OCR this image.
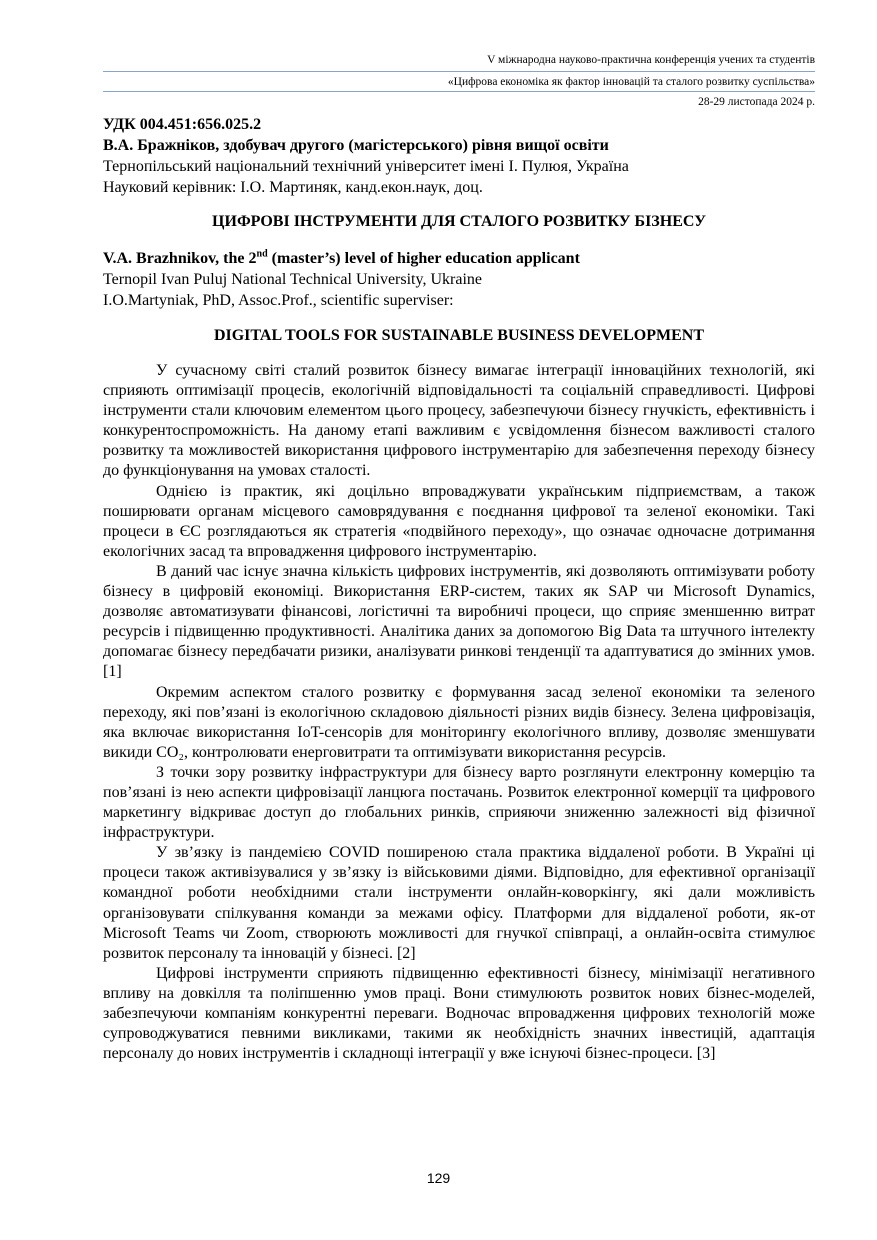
V міжнародна науково-практична конференція учених та студентів
«Цифрова економіка як фактор інновацій та сталого розвитку суспільства»
28-29 листопада 2024 р.
УДК 004.451:656.025.2
В.А. Бражніков, здобувач другого (магістерського) рівня вищої освіти
Тернопільський національний технічний університет імені І. Пулюя, Україна
Науковий керівник: І.О. Мартиняк, канд.екон.наук, доц.
ЦИФРОВІ ІНСТРУМЕНТИ ДЛЯ СТАЛОГО РОЗВИТКУ БІЗНЕСУ
V.A. Brazhnikov, the 2nd (master’s) level of higher education applicant
Ternopil Ivan Puluj National Technical University, Ukraine
I.O.Martyniak, PhD, Assoc.Prof., scientific superviser:
DIGITAL TOOLS FOR SUSTAINABLE BUSINESS DEVELOPMENT

У сучасному світі сталий розвиток бізнесу вимагає інтеграції інноваційних технологій, які сприяють оптимізації процесів, екологічній відповідальності та соціальній справедливості. Цифрові інструменти стали ключовим елементом цього процесу, забезпечуючи бізнесу гнучкість, ефективність і конкурентоспроможність. На даному етапі важливим є усвідомлення бізнесом важливості сталого розвитку та можливостей використання цифрового інструментарію для забезпечення переходу бізнесу до функціонування на умовах сталості.

Однією із практик, які доцільно впроваджувати українським підприємствам, а також поширювати органам місцевого самоврядування є поєднання цифрової та зеленої економіки. Такі процеси в ЄС розглядаються як стратегія «подвійного переходу», що означає одночасне дотримання екологічних засад та впровадження цифрового інструментарію.

В даний час існує значна кількість цифрових інструментів, які дозволяють оптимізувати роботу бізнесу в цифровій економіці. Використання ERP-систем, таких як SAP чи Microsoft Dynamics, дозволяє автоматизувати фінансові, логістичні та виробничі процеси, що сприяє зменшенню витрат ресурсів і підвищенню продуктивності. Аналітика даних за допомогою Big Data та штучного інтелекту допомагає бізнесу передбачати ризики, аналізувати ринкові тенденції та адаптуватися до змінних умов. [1]

Окремим аспектом сталого розвитку є формування засад зеленої економіки та зеленого переходу, які пов’язані із екологічною складовою діяльності різних видів бізнесу. Зелена цифровізація, яка включає використання IoT-сенсорів для моніторингу екологічного впливу, дозволяє зменшувати викиди CO₂, контролювати енерговитрати та оптимізувати використання ресурсів.

З точки зору розвитку інфраструктури для бізнесу варто розглянути електронну комерцію та пов’язані із нею аспекти цифровізації ланцюга постачань. Розвиток електронної комерції та цифрового маркетингу відкриває доступ до глобальних ринків, сприяючи зниженню залежності від фізичної інфраструктури.

У зв’язку із пандемією COVID поширеною стала практика віддаленої роботи. В Україні ці процеси також активізувалися у зв’язку із військовими діями. Відповідно, для ефективної організації командної роботи необхідними стали інструменти онлайн-коворкінгу, які дали можливість організовувати спілкування команди за межами офісу. Платформи для віддаленої роботи, як-от Microsoft Teams чи Zoom, створюють можливості для гнучкої співпраці, а онлайн-освіта стимулює розвиток персоналу та інновацій у бізнесі. [2]

Цифрові інструменти сприяють підвищенню ефективності бізнесу, мінімізації негативного впливу на довкілля та поліпшенню умов праці. Вони стимулюють розвиток нових бізнес-моделей, забезпечуючи компаніям конкурентні переваги. Водночас впровадження цифрових технологій може супроводжуватися певними викликами, такими як необхідність значних інвестицій, адаптація персоналу до нових інструментів і складнощі інтеграції у вже існуючі бізнес-процеси. [3]

129
